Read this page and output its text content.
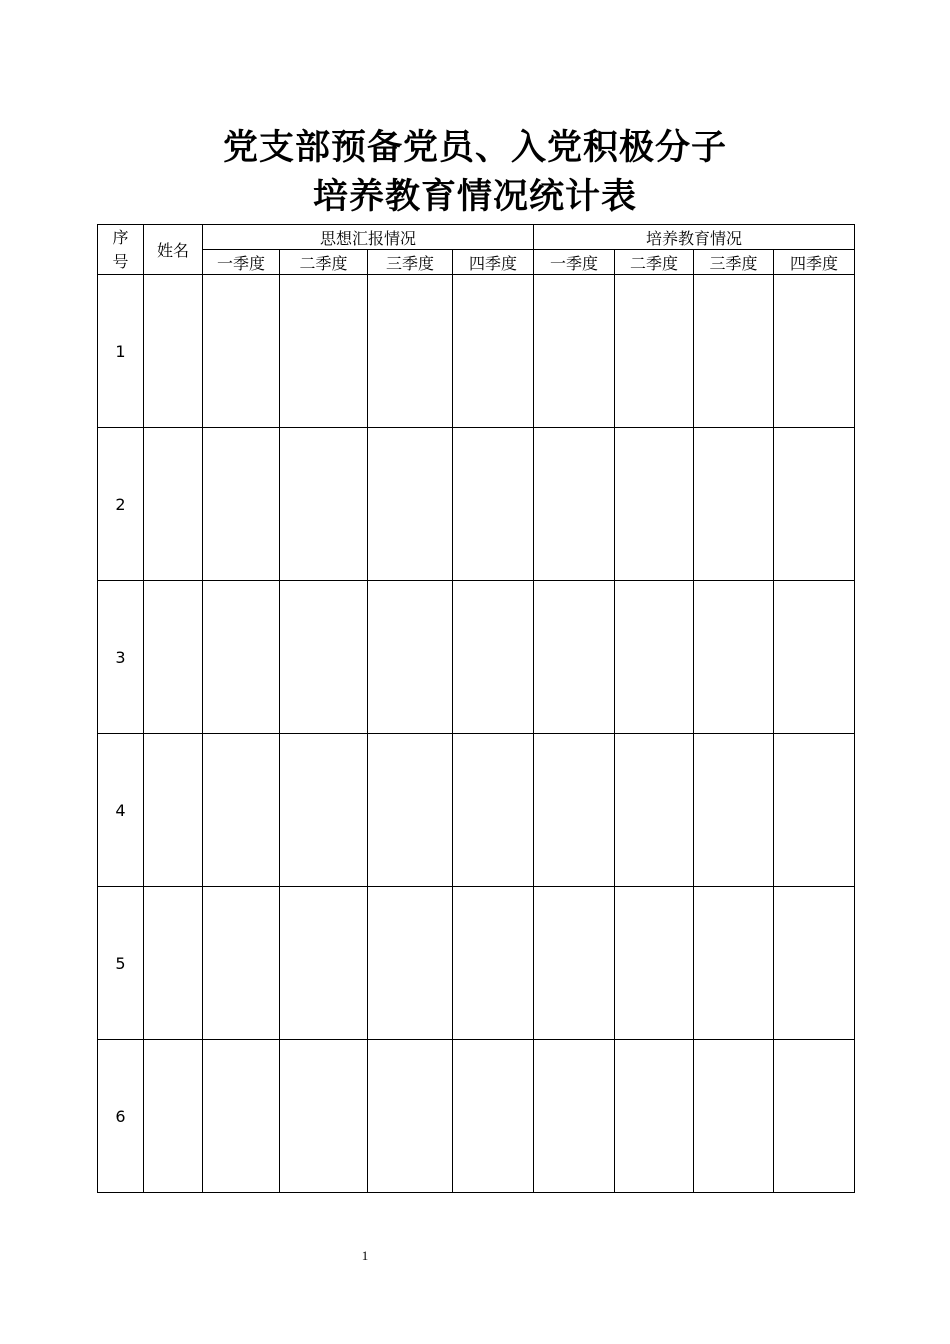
党支部预备党员、入党积极分子
培养教育情况统计表
序号	姓名	思想汇报情况				培养教育情况			
		一季度	二季度	三季度	四季度	一季度	二季度	三季度	四季度
1									
2									
3									
4									
5									
6									
1
